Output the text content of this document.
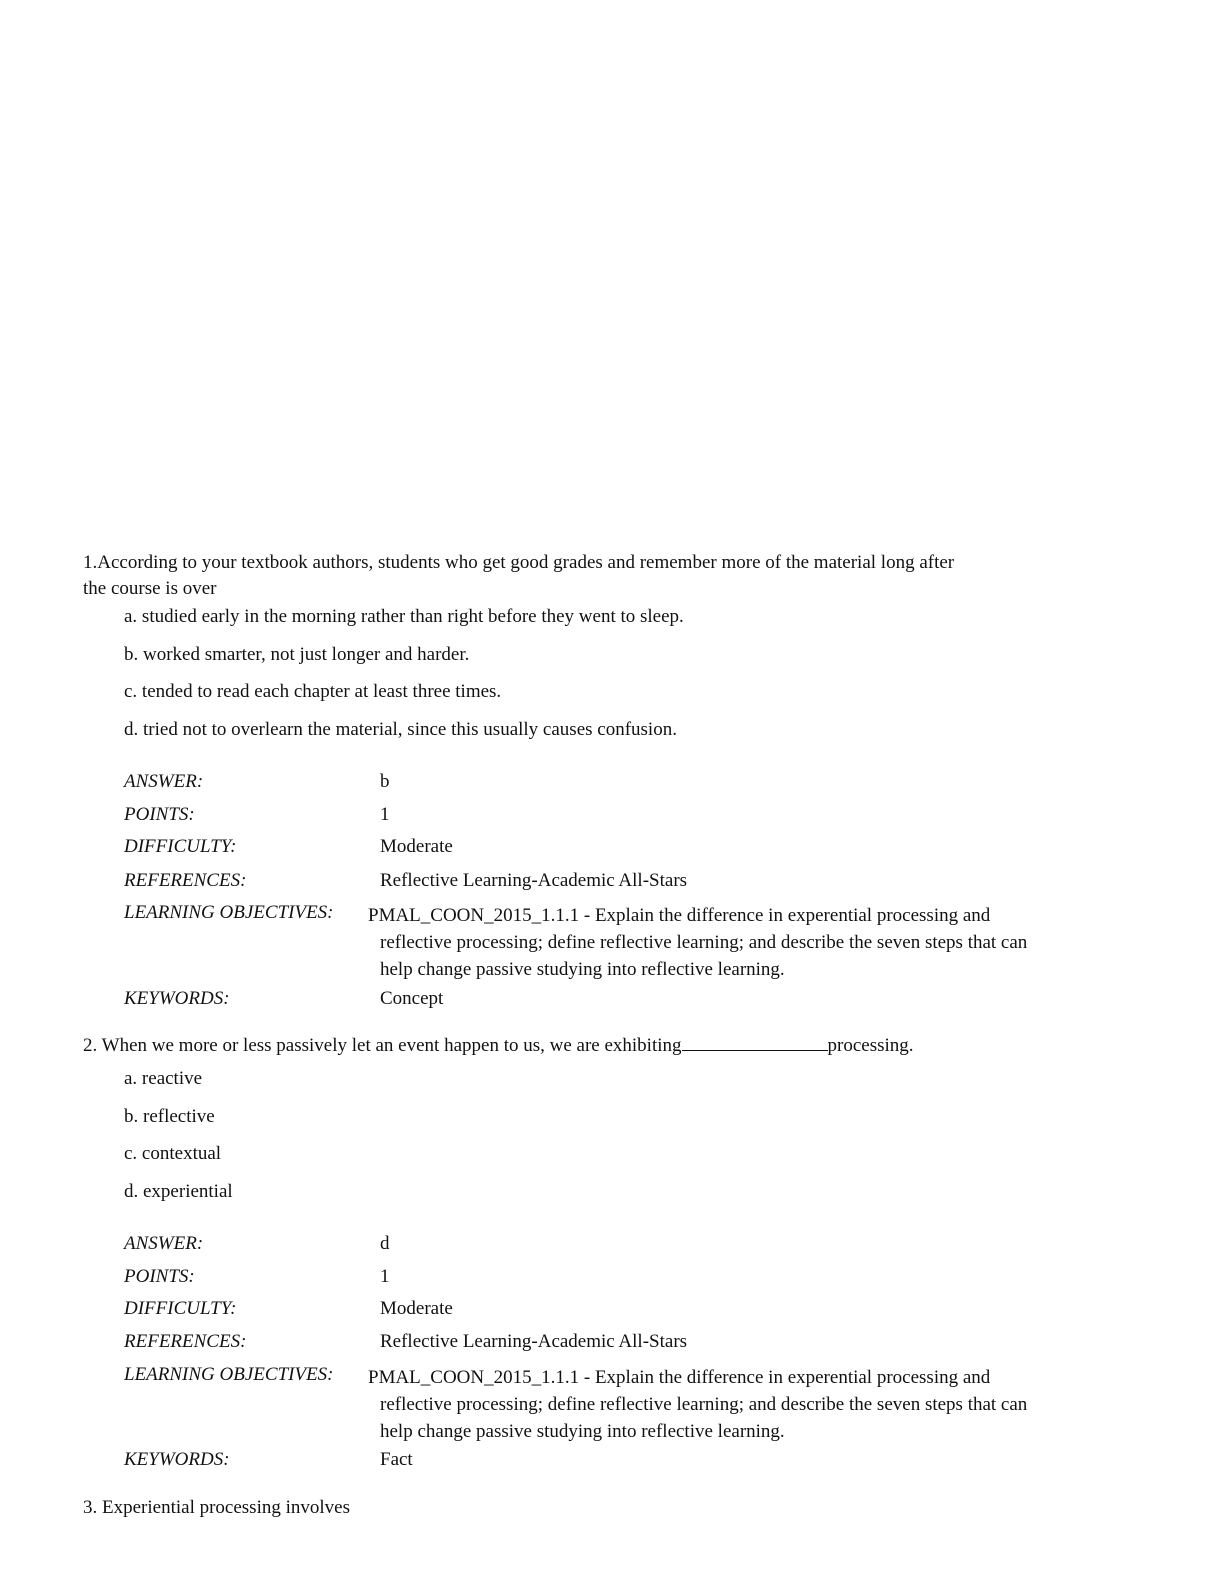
1.According to your textbook authors, students who get good grades and remember more of the material long after
the course is over
a. studied early in the morning rather than right before they went to sleep.
b. worked smarter, not just longer and harder.
c. tended to read each chapter at least three times.
d. tried not to overlearn the material, since this usually causes confusion.
ANSWER:	b
POINTS:	1
DIFFICULTY:	Moderate
REFERENCES:	Reflective Learning-Academic All-Stars
LEARNING OBJECTIVES: PMAL_COON_2015_1.1.1 - Explain the difference in experential processing and
reflective processing; define reflective learning; and describe the seven steps that can
help change passive studying into reflective learning.
KEYWORDS:	Concept
2. When we more or less passively let an event happen to us, we are exhibiting	processing.
a. reactive
b. reflective
c. contextual
d. experiential
ANSWER:	d
POINTS:	1
DIFFICULTY:	Moderate
REFERENCES:	Reflective Learning-Academic All-Stars
LEARNING OBJECTIVES: PMAL_COON_2015_1.1.1 - Explain the difference in experential processing and
reflective processing; define reflective learning; and describe the seven steps that can
help change passive studying into reflective learning.
KEYWORDS:	Fact
3. Experiential processing involves
